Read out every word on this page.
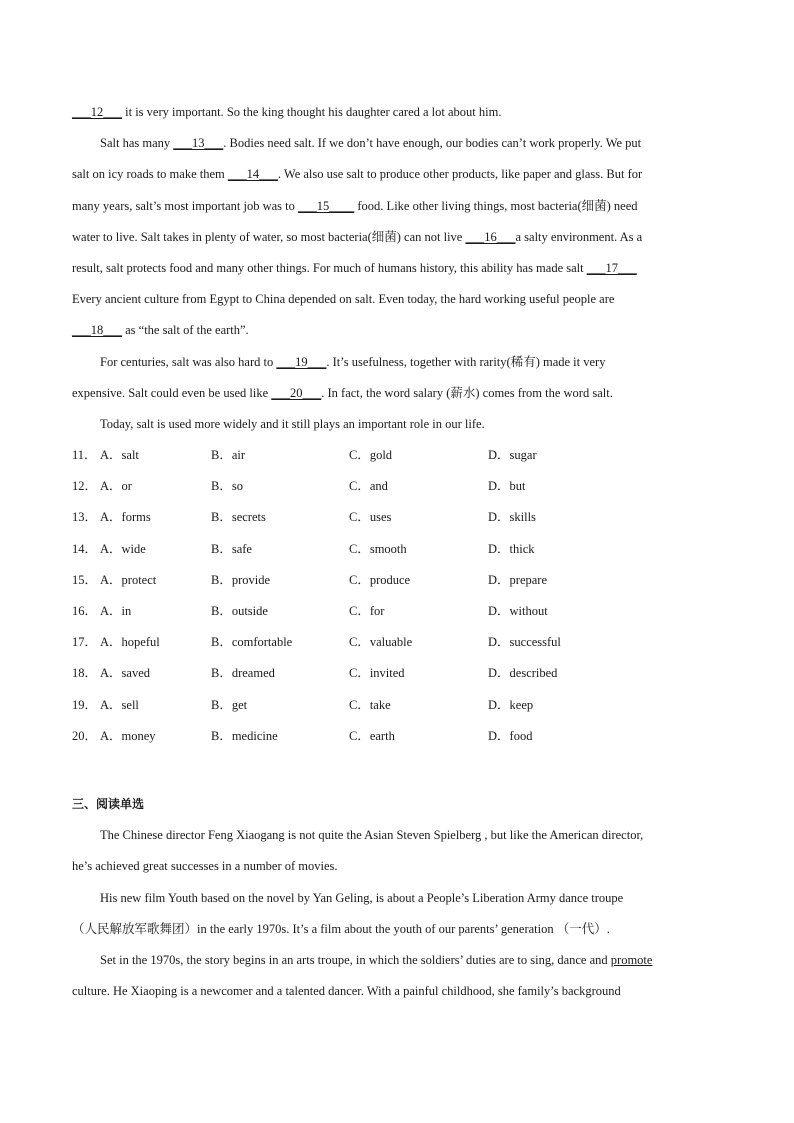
___12___ it is very important. So the king thought his daughter cared a lot about him.
Salt has many ___13___. Bodies need salt. If we don’t have enough, our bodies can’t work properly. We put
salt on icy roads to make them ___14___. We also use salt to produce other products, like paper and glass. But for
many years, salt’s most important job was to ___15____ food. Like other living things, most bacteria(细菌) need
water to live. Salt takes in plenty of water, so most bacteria(细菌) can not live ___16___a salty environment. As a
result, salt protects food and many other things. For much of humans history, this ability has made salt ___17___
Every ancient culture from Egypt to China depended on salt. Even today, the hard working useful people are
___18___ as “the salt of the earth”.
For centuries, salt was also hard to ___19___. It’s usefulness, together with rarity(稀有) made it very
expensive. Salt could even be used like ___20___. In fact, the word salary (薪水) comes from the word salt.
Today, salt is used more widely and it still plays an important role in our life.
11． A．salt	B．air	C．gold	D．sugar
12． A．or	B．so	C．and	D．but
13． A．forms	B．secrets	C．uses	D．skills
14． A．wide	B．safe	C．smooth	D．thick
15． A．protect	B．provide	C．produce	D．prepare
16． A．in	B．outside	C．for	D．without
17． A．hopeful	B．comfortable	C．valuable	D．successful
18． A．saved	B．dreamed	C．invited	D．described
19． A．sell	B．get	C．take	D．keep
20． A．money	B．medicine	C．earth	D．food
三、阅读单选
The Chinese director Feng Xiaogang is not quite the Asian Steven Spielberg , but like the American director,
he’s achieved great successes in a number of movies.
His new film Youth based on the novel by Yan Geling, is about a People’s Liberation Army dance troupe
（人民解放军歌舞团）in the early 1970s. It’s a film about the youth of our parents’ generation （一代）.
Set in the 1970s, the story begins in an arts troupe, in which the soldiers’ duties are to sing, dance and promote
culture. He Xiaoping is a newcomer and a talented dancer. With a painful childhood, she family’s background
